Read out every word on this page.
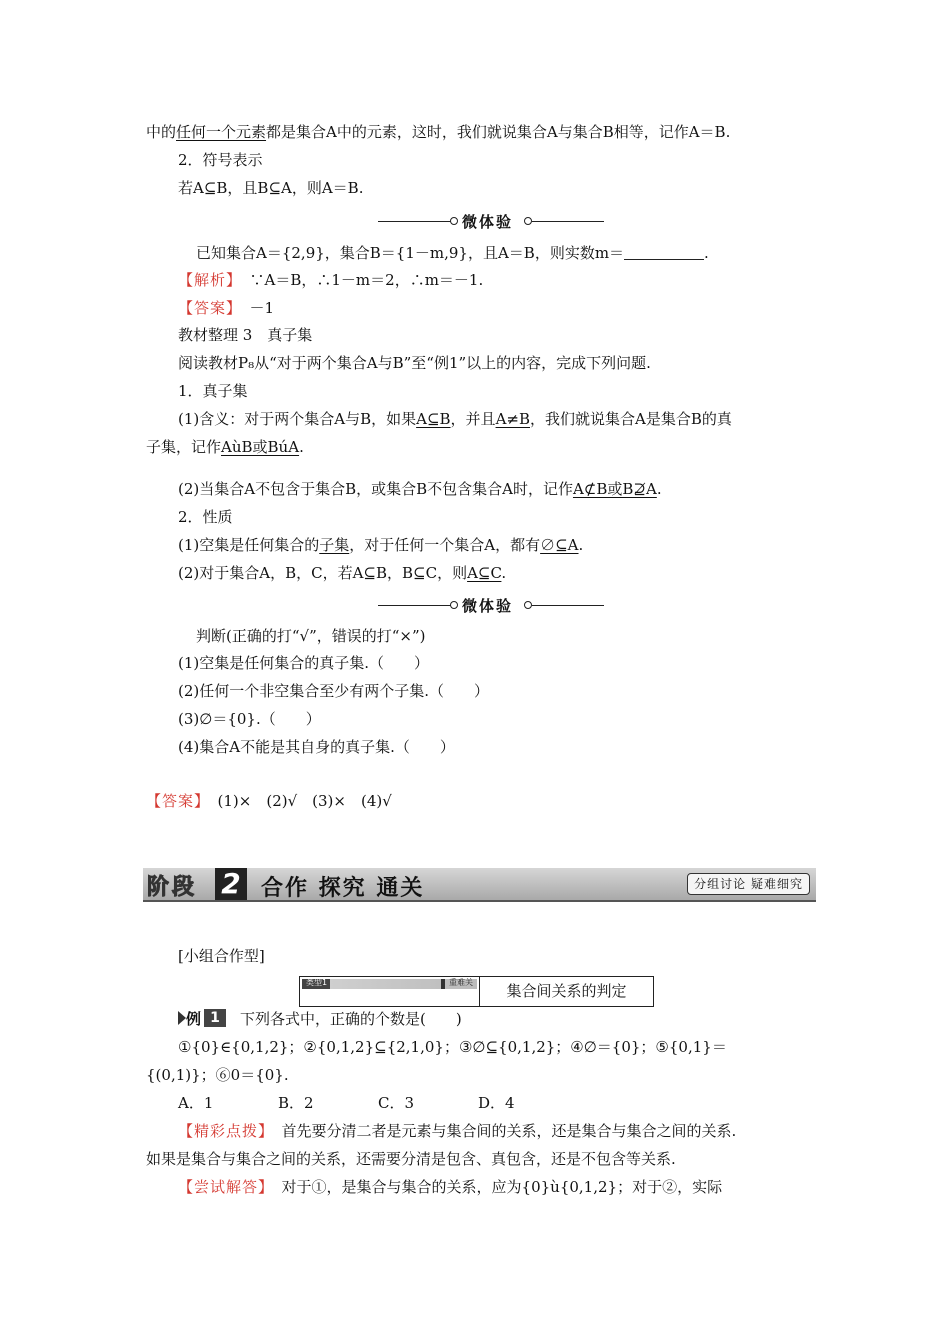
中的任何一个元素都是集合A中的元素，这时，我们就说集合A与集合B相等，记作A＝B.
2．符号表示
若A⊆B，且B⊆A，则A＝B.
微体验
已知集合A＝{2,9}，集合B＝{1－m,9}，且A＝B，则实数m＝	.
【解析】　 ∵A＝B，∴1－m＝2，∴m＝－1.
【答案】　 －1
教材整理 3　真子集
阅读教材P₈从“对于两个集合A与B”至“例1”以上的内容，完成下列问题.
1．真子集
(1)含义：对于两个集合A与B，如果A⊆B，并且A≠B，我们就说集合A是集合B的真
子集，记作AùB或BúA.
(2)当集合A不包含于集合B，或集合B不包含集合A时，记作A⊄B或B⊉A.
2．性质
(1)空集是任何集合的子集，对于任何一个集合A，都有∅⊆A.
(2)对于集合A，B，C，若A⊆B，B⊆C，则A⊆C.
微体验
判断(正确的打“√”，错误的打“×”)
(1)空集是任何集合的真子集.（　　）
(2)任何一个非空集合至少有两个子集.（　　）
(3)∅＝{0}.（　　）
(4)集合A不能是其自身的真子集.（　　）
【答案】　 (1)×　(2)√　(3)×　(4)√
阶段 2 合作 探究 通关	分组讨论 疑难细究
[小组合作型]
类型1	重难关	集合间关系的判定
例 1	下列各式中，正确的个数是(　　)
①{0}∈{0,1,2}；②{0,1,2}⊆{2,1,0}；③∅⊆{0,1,2}；④∅＝{0}；⑤{0,1}＝
{(0,1)}；⑥0＝{0}.
A．1	B．2	C．3	D．4
【精彩点拨】　 首先要分清二者是元素与集合间的关系，还是集合与集合之间的关系.
如果是集合与集合之间的关系，还需要分清是包含、真包含，还是不包含等关系.
【尝试解答】　 对于①，是集合与集合的关系，应为{0}ù{0,1,2}；对于②，实际
